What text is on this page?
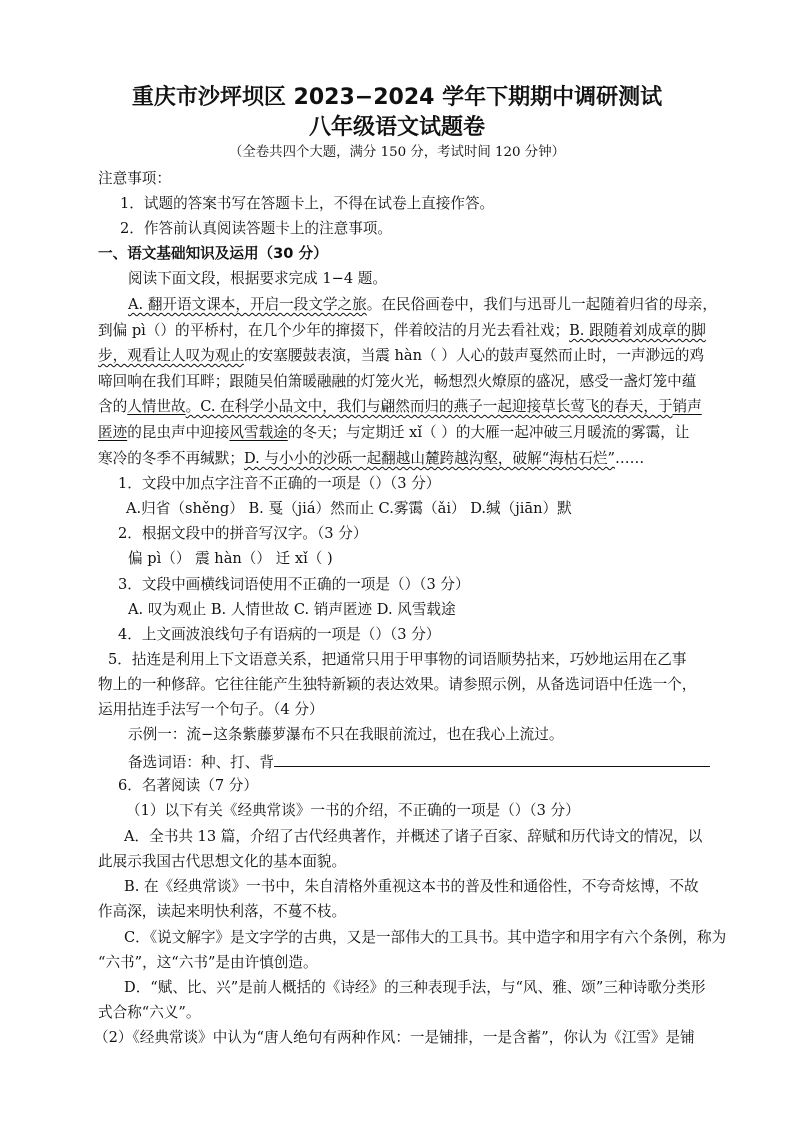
重庆市沙坪坝区 2023−2024 学年下期期中调研测试
八年级语文试题卷
（全卷共四个大题，满分 150 分，考试时间 120 分钟）
注意事项：
1．试题的答案书写在答题卡上，不得在试卷上直接作答。
2．作答前认真阅读答题卡上的注意事项。
一、语文基础知识及运用（30 分）
阅读下面文段，根据要求完成 1−4 题。
A. 翻开语文课本，开启一段文学之旅。在民俗画卷中，我们与迅哥儿一起随着归省的母亲，
到偏 pì（）的平桥村，在几个少年的撺掇下，伴着皎洁的月光去看社戏；B. 跟随着刘成章的脚
步，观看让人叹为观止的安塞腰鼓表演，当震 hàn（ ）人心的鼓声戛然而止时，一声渺远的鸡
啼回响在我们耳畔；跟随吴伯箫暖融融的灯笼火光，畅想烈火燎原的盛况，感受一盏灯笼中蕴
含的人情世故。C. 在科学小品文中，我们与翩然而归的燕子一起迎接草长莺飞的春天，于销声
匿迹的昆虫声中迎接风雪载途的冬天；与定期迁 xǐ（ ）的大雁一起冲破三月暖流的雾霭，让
寒冷的冬季不再缄默；D. 与小小的沙砾一起翻越山麓跨越沟壑，破解“海枯石烂”……
1．文段中加点字注音不正确的一项是（）（3 分）
A.归省（shěng） B. 戛（jiá）然而止 C.雾霭（ǎi） D.缄（jiān）默
2．根据文段中的拼音写汉字。（3 分）
偏 pì（） 震 hàn（） 迁 xǐ（ )
3．文段中画横线词语使用不正确的一项是（）（3 分）
A. 叹为观止 B. 人情世故 C. 销声匿迹 D. 风雪载途
4．上文画波浪线句子有语病的一项是（）（3 分）
5．拈连是利用上下文语意关系，把通常只用于甲事物的词语顺势拈来，巧妙地运用在乙事
物上的一种修辞。它往往能产生独特新颖的表达效果。请参照示例，从备选词语中任选一个，
运用拈连手法写一个句子。（4 分）
示例一：流−这条紫藤萝瀑布不只在我眼前流过，也在我心上流过。
备选词语：种、打、背
6．名著阅读（7 分）
（1）以下有关《经典常谈》一书的介绍，不正确的一项是（）（3 分）
A．全书共 13 篇，介绍了古代经典著作，并概述了诸子百家、辞赋和历代诗文的情况，以
此展示我国古代思想文化的基本面貌。
B. 在《经典常谈》一书中，朱自清格外重视这本书的普及性和通俗性，不夸奇炫博，不故
作高深，读起来明快利落，不蔓不枝。
C．《说文解字》是文字学的古典，又是一部伟大的工具书。其中造字和用字有六个条例，称为
“六书”，这“六书”是由许慎创造。
D．“赋、比、兴”是前人概括的《诗经》的三种表现手法，与“风、雅、颂”三种诗歌分类形
式合称“六义”。
（2）《经典常谈》中认为“唐人绝句有两种作风：一是铺排，一是含蓄”，你认为《江雪》是铺
